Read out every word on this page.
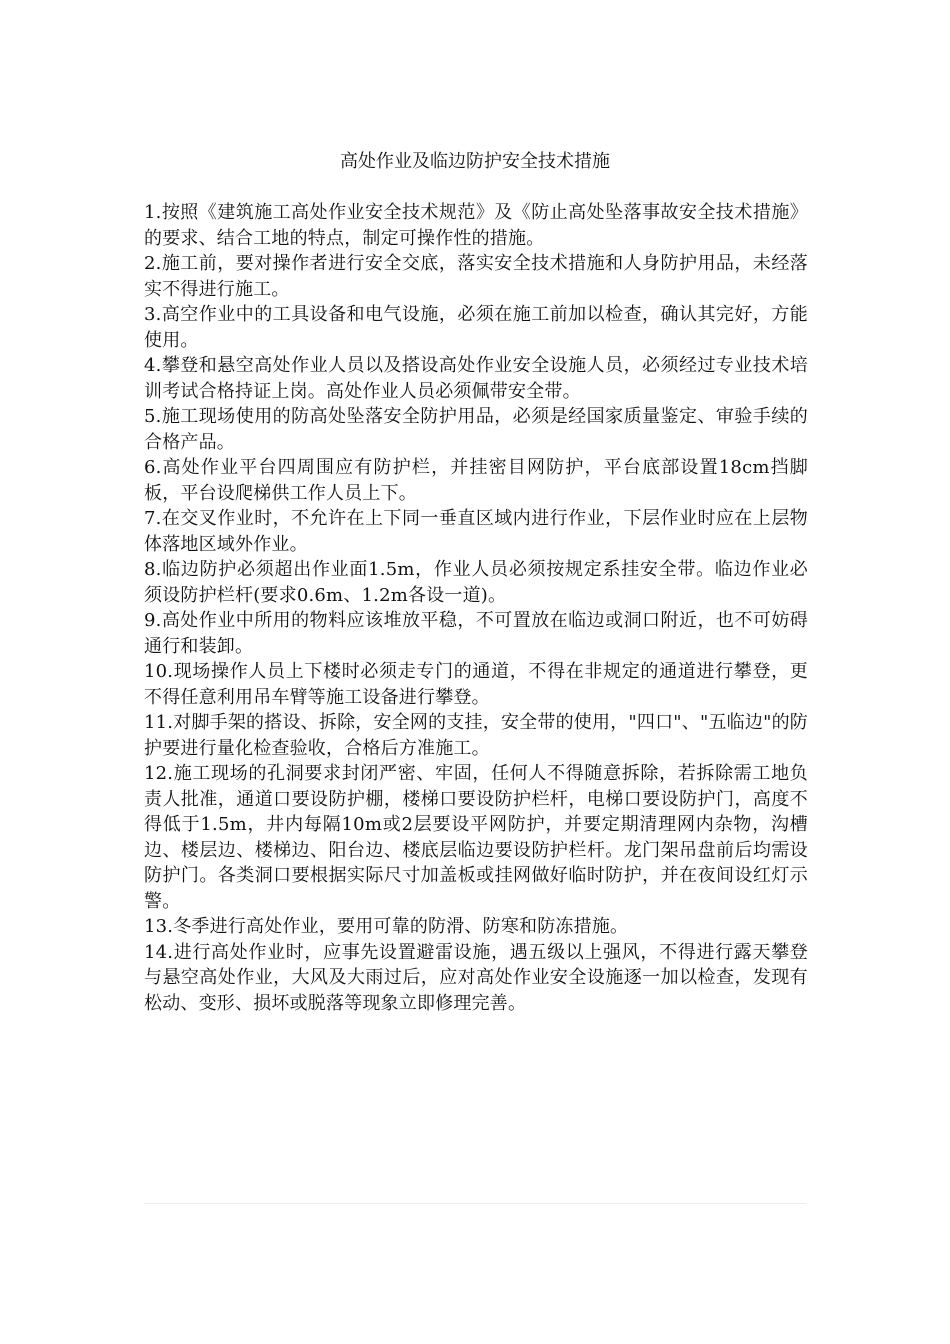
高处作业及临边防护安全技术措施
1.按照《建筑施工高处作业安全技术规范》及《防止高处坠落事故安全技术措施》的要求、结合工地的特点，制定可操作性的措施。
2.施工前，要对操作者进行安全交底，落实安全技术措施和人身防护用品，未经落实不得进行施工。
3.高空作业中的工具设备和电气设施，必须在施工前加以检查，确认其完好，方能使用。
4.攀登和悬空高处作业人员以及搭设高处作业安全设施人员，必须经过专业技术培训考试合格持证上岗。高处作业人员必须佩带安全带。
5.施工现场使用的防高处坠落安全防护用品，必须是经国家质量鉴定、审验手续的合格产品。
6.高处作业平台四周围应有防护栏，并挂密目网防护，平台底部设置18cm挡脚板，平台设爬梯供工作人员上下。
7.在交叉作业时，不允许在上下同一垂直区域内进行作业，下层作业时应在上层物体落地区域外作业。
8.临边防护必须超出作业面1.5m，作业人员必须按规定系挂安全带。临边作业必须设防护栏杆(要求0.6m、1.2m各设一道)。
9.高处作业中所用的物料应该堆放平稳，不可置放在临边或洞口附近，也不可妨碍通行和装卸。
10.现场操作人员上下楼时必须走专门的通道，不得在非规定的通道进行攀登，更不得任意利用吊车臂等施工设备进行攀登。
11.对脚手架的搭设、拆除，安全网的支挂，安全带的使用，"四口"、"五临边"的防护要进行量化检查验收，合格后方准施工。
12.施工现场的孔洞要求封闭严密、牢固，任何人不得随意拆除，若拆除需工地负责人批准，通道口要设防护棚，楼梯口要设防护栏杆，电梯口要设防护门，高度不得低于1.5m，井内每隔10m或2层要设平网防护，并要定期清理网内杂物，沟槽边、楼层边、楼梯边、阳台边、楼底层临边要设防护栏杆。龙门架吊盘前后均需设防护门。各类洞口要根据实际尺寸加盖板或挂网做好临时防护，并在夜间设红灯示警。
13.冬季进行高处作业，要用可靠的防滑、防寒和防冻措施。
14.进行高处作业时，应事先设置避雷设施，遇五级以上强风，不得进行露天攀登与悬空高处作业，大风及大雨过后，应对高处作业安全设施逐一加以检查，发现有松动、变形、损坏或脱落等现象立即修理完善。
